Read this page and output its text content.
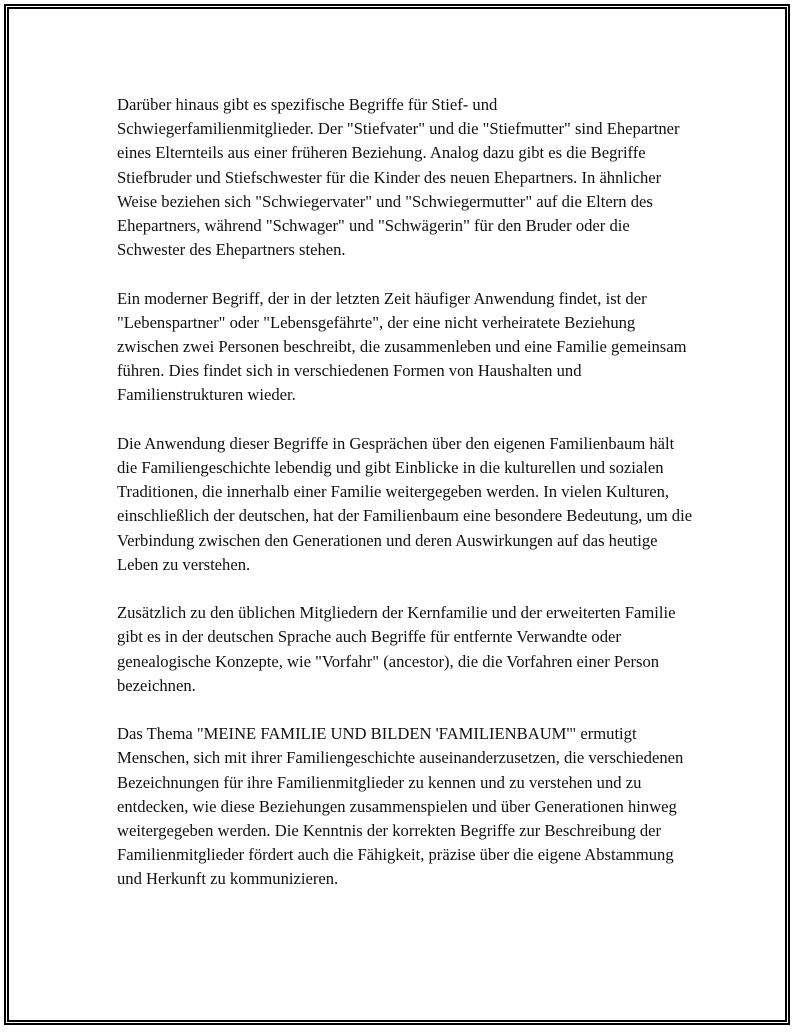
Darüber hinaus gibt es spezifische Begriffe für Stief- und Schwiegerfamilienmitglieder. Der "Stiefvater" und die "Stiefmutter" sind Ehepartner eines Elternteils aus einer früheren Beziehung. Analog dazu gibt es die Begriffe Stiefbruder und Stiefschwester für die Kinder des neuen Ehepartners. In ähnlicher Weise beziehen sich "Schwiegervater" und "Schwiegermutter" auf die Eltern des Ehepartners, während "Schwager" und "Schwägerin" für den Bruder oder die Schwester des Ehepartners stehen.

Ein moderner Begriff, der in der letzten Zeit häufiger Anwendung findet, ist der "Lebenspartner" oder "Lebensgefährte", der eine nicht verheiratete Beziehung zwischen zwei Personen beschreibt, die zusammenleben und eine Familie gemeinsam führen. Dies findet sich in verschiedenen Formen von Haushalten und Familienstrukturen wieder.

Die Anwendung dieser Begriffe in Gesprächen über den eigenen Familienbaum hält die Familiengeschichte lebendig und gibt Einblicke in die kulturellen und sozialen Traditionen, die innerhalb einer Familie weitergegeben werden. In vielen Kulturen, einschließlich der deutschen, hat der Familienbaum eine besondere Bedeutung, um die Verbindung zwischen den Generationen und deren Auswirkungen auf das heutige Leben zu verstehen.

Zusätzlich zu den üblichen Mitgliedern der Kernfamilie und der erweiterten Familie gibt es in der deutschen Sprache auch Begriffe für entfernte Verwandte oder genealogische Konzepte, wie "Vorfahr" (ancestor), die die Vorfahren einer Person bezeichnen.

Das Thema "MEINE FAMILIE UND BILDEN 'FAMILIENBAUM'" ermutigt Menschen, sich mit ihrer Familiengeschichte auseinanderzusetzen, die verschiedenen Bezeichnungen für ihre Familienmitglieder zu kennen und zu verstehen und zu entdecken, wie diese Beziehungen zusammenspielen und über Generationen hinweg weitergegeben werden. Die Kenntnis der korrekten Begriffe zur Beschreibung der Familienmitglieder fördert auch die Fähigkeit, präzise über die eigene Abstammung und Herkunft zu kommunizieren.
